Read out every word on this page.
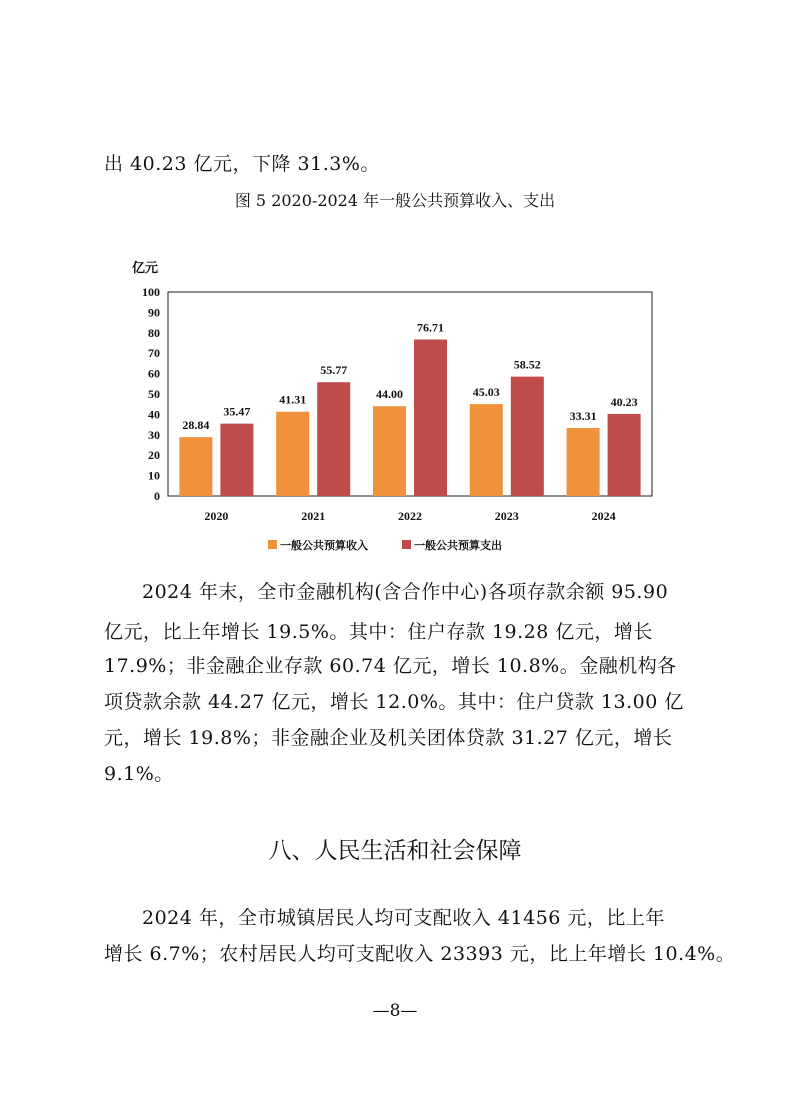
出 40.23 亿元，下降 31.3%。
图 5 2020-2024 年一般公共预算收入、支出
亿元
0
10
20
30
40
50
60
70
80
90
100
28.84
35.47
41.31
55.77
44.00
76.71
45.03
58.52
33.31
40.23
2020	2021	2022	2023	2024
一般公共预算收入	一般公共预算支出
2024 年末，全市金融机构(含合作中心)各项存款余额 95.90
亿元，比上年增长 19.5%。其中：住户存款 19.28 亿元，增长
17.9%；非金融企业存款 60.74 亿元，增长 10.8%。金融机构各
项贷款余款 44.27 亿元，增长 12.0%。其中：住户贷款 13.00 亿
元，增长 19.8%；非金融企业及机关团体贷款 31.27 亿元，增长
9.1%。
八、人民生活和社会保障
2024 年，全市城镇居民人均可支配收入 41456 元，比上年
增长 6.7%；农村居民人均可支配收入 23393 元，比上年增长 10.4%。
—8—
